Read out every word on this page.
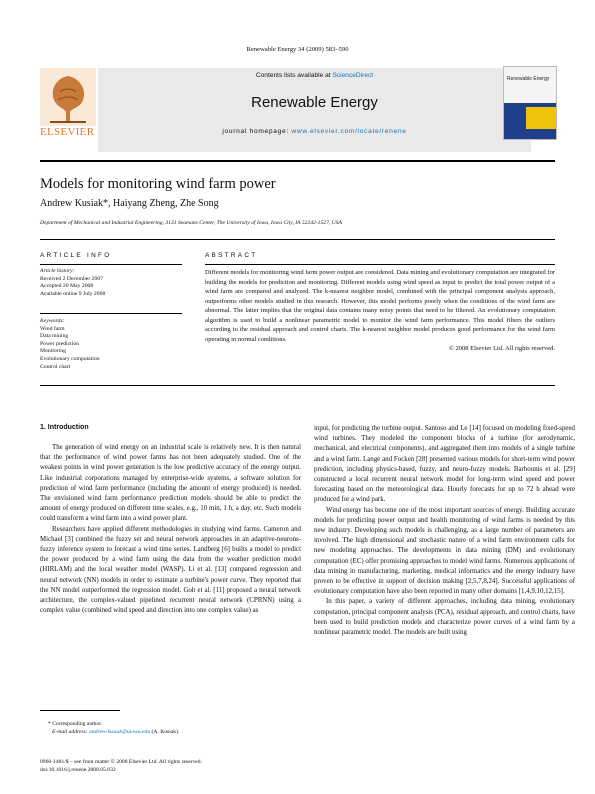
Renewable Energy 34 (2009) 583–590
ELSEVIER
Contents lists available at ScienceDirect
Renewable Energy
journal homepage: www.elsevier.com/locate/renene
Renewable Energy
Models for monitoring wind farm power
Andrew Kusiak*, Haiyang Zheng, Zhe Song
Department of Mechanical and Industrial Engineering, 3131 Seamans Center, The University of Iowa, Iowa City, IA 52242-1527, USA
ARTICLE INFO	ABSTRACT
Article history:
Received 2 December 2007
Accepted 20 May 2008
Available online 9 July 2008
Keywords:
Wind farm
Data mining
Power prediction
Monitoring
Evolutionary computation
Control chart
Different models for monitoring wind farm power output are considered. Data mining and evolutionary computation are integrated for building the models for prediction and monitoring. Different models using wind speed as input to predict the total power output of a wind farm are compared and analyzed. The k-nearest neighbor model, combined with the principal component analysis approach, outperforms other models studied in this research. However, this model performs poorly when the conditions of the wind farm are abnormal. The latter implies that the original data contains many noisy points that need to be filtered. An evolutionary computation algorithm is used to build a nonlinear parametric model to monitor the wind farm performance. This model filters the outliers according to the residual approach and control charts. The k-nearest neighbor model produces good performance for the wind farm operating in normal conditions.
© 2008 Elsevier Ltd. All rights reserved.
1. Introduction

The generation of wind energy on an industrial scale is relatively new. It is then natural that the performance of wind power farms has not been adequately studied. One of the weakest points in wind power generation is the low predictive accuracy of the energy output. Like industrial corporations managed by enterprise-wide systems, a software solution for prediction of wind farm performance (including the amount of energy produced) is needed. The envisioned wind farm performance prediction models should be able to predict the amount of energy produced on different time scales, e.g., 10 min, 1 h, a day, etc. Such models could transform a wind farm into a wind power plant.

Researchers have applied different methodologies in studying wind farms. Cameron and Michael [3] combined the fuzzy set and neural network approaches in an adaptive-neurons-fuzzy inference system to forecast a wind time series. Landberg [6] builts a model to predict the power produced by a wind farm using the data from the weather prediction model (HIRLAM) and the local weather model (WASP). Li et al. [13] compared regression and neural network (NN) models in order to estimate a turbine's power curve. They reported that the NN model outperformed the regression model. Goh et al. [11] proposed a neural network architecture, the complex-valued pipelined recurrent neural network (CPRNN) using a complex value (combined wind speed and direction into one complex value) as

input, for predicting the turbine output. Santoso and Le [14] focused on modeling fixed-speed wind turbines. They modeled the component blocks of a turbine (for aerodynamic, mechanical, and electrical components), and aggregated them into models of a single turbine and a wind farm. Lange and Focken [28] presented various models for short-term wind power prediction, including physics-based, fuzzy, and neuro-fuzzy models. Barbounis et al. [29] constructed a local recurrent neural network model for long-term wind speed and power forecasting based on the meteorological data. Hourly forecasts for up to 72 h ahead were produced for a wind park.

Wind energy has become one of the most important sources of energy. Building accurate models for predicting power output and health monitoring of wind farms is needed by this new industry. Developing such models is challenging, as a large number of parameters are involved. The high dimensional and stochastic nature of a wind farm environment calls for new modeling approaches. The developments in data mining (DM) and evolutionary computation (EC) offer promising approaches to model wind farms. Numerous applications of data mining in manufacturing, marketing, medical informatics and the energy industry have proven to be effective in support of decision making [2,5,7,8,24]. Successful applications of evolutionary computation have also been reported in many other domains [1,4,9,10,12,15].

In this paper, a variety of different approaches, including data mining, evolutionary computation, principal component analysis (PCA), residual approach, and control charts, have been used to build prediction models and characterize power curves of a wind farm by a nonlinear parametric model. The models are built using

* Corresponding author.
E-mail address: andrew-kusiak@uiowa.edu (A. Kusiak).
0960-1481/$ – see front matter © 2008 Elsevier Ltd. All rights reserved.
doi:10.1016/j.renene.2008.05.032
